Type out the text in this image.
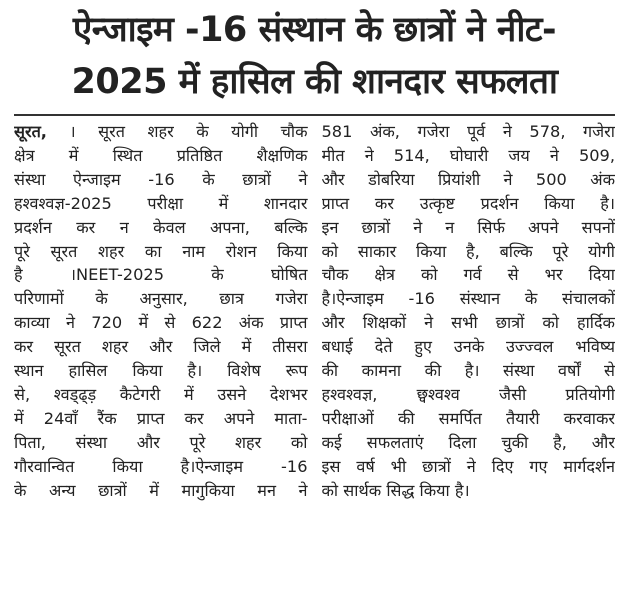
ऐन्जाइम -16 संस्थान के छात्रों ने नीट-
2025 में हासिल की शानदार सफलता

सूरत, । सूरत शहर के योगी चौक
क्षेत्र में स्थित प्रतिष्ठित शैक्षणिक
संस्था ऐन्जाइम -16 के छात्रों ने
हश्वश्वज्ञ-2025 परीक्षा में शानदार
प्रदर्शन कर न केवल अपना, बल्कि
पूरे सूरत शहर का नाम रोशन किया
है ।NEET-2025 के घोषित
परिणामों के अनुसार, छात्र गजेरा
काव्या ने 720 में से 622 अंक प्राप्त
कर सूरत शहर और जिले में तीसरा
स्थान हासिल किया है। विशेष रूप
से, श्वड्ढ्ड़ कैटेगरी में उसने देशभर
में 24वाँ रैंक प्राप्त कर अपने माता-
पिता, संस्था और पूरे शहर को
गौरवान्वित किया है।ऐन्जाइम -16
के अन्य छात्रों में मागुकिया मन ने

581 अंक, गजेरा पूर्व ने 578, गजेरा
मीत ने 514, घोघारी जय ने 509,
और डोबरिया प्रियांशी ने 500 अंक
प्राप्त कर उत्कृष्ट प्रदर्शन किया है।
इन छात्रों ने न सिर्फ अपने सपनों
को साकार किया है, बल्कि पूरे योगी
चौक क्षेत्र को गर्व से भर दिया
है।ऐन्जाइम -16 संस्थान के संचालकों
और शिक्षकों ने सभी छात्रों को हार्दिक
बधाई देते हुए उनके उज्ज्वल भविष्य
की कामना की है। संस्था वर्षों से
हश्वश्वज्ञ, छ्वश्वश्व जैसी प्रतियोगी
परीक्षाओं की समर्पित तैयारी करवाकर
कई सफलताएं दिला चुकी है, और
इस वर्ष भी छात्रों ने दिए गए मार्गदर्शन
को सार्थक सिद्ध किया है।
